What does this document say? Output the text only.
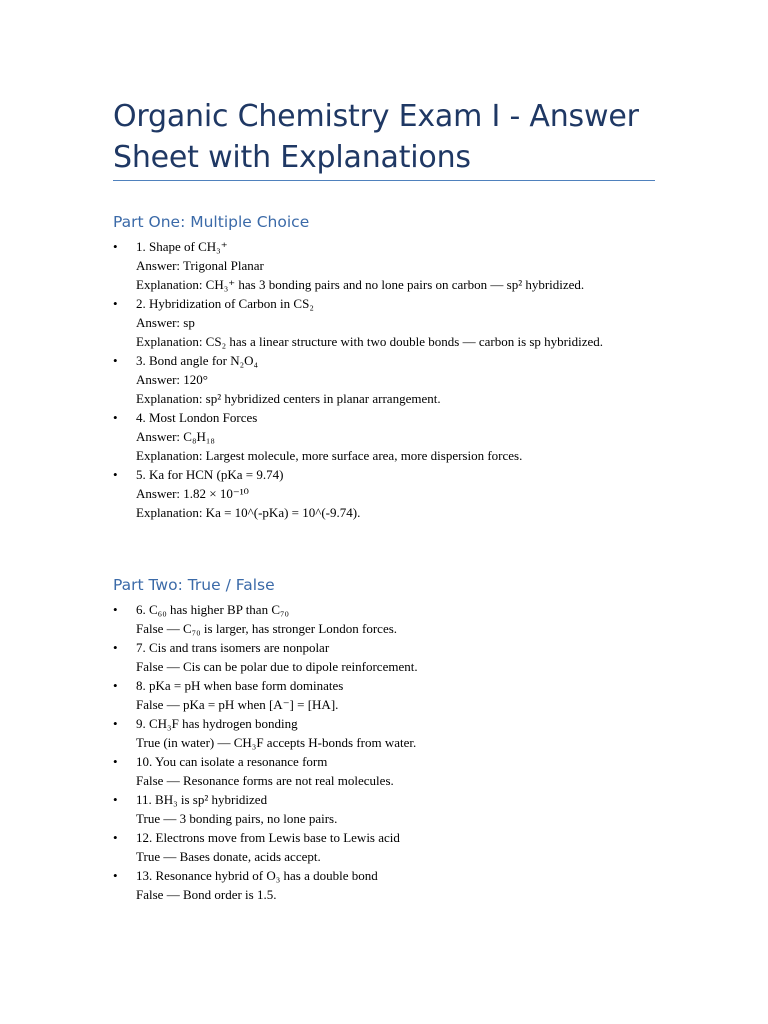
Organic Chemistry Exam I - Answer Sheet with Explanations
Part One: Multiple Choice
• 1. Shape of CH₃⁺
Answer: Trigonal Planar
Explanation: CH₃⁺ has 3 bonding pairs and no lone pairs on carbon — sp² hybridized.
• 2. Hybridization of Carbon in CS₂
Answer: sp
Explanation: CS₂ has a linear structure with two double bonds — carbon is sp hybridized.
• 3. Bond angle for N₂O₄
Answer: 120°
Explanation: sp² hybridized centers in planar arrangement.
• 4. Most London Forces
Answer: C₈H₁₈
Explanation: Largest molecule, more surface area, more dispersion forces.
• 5. Ka for HCN (pKa = 9.74)
Answer: 1.82 × 10⁻¹⁰
Explanation: Ka = 10^(-pKa) = 10^(-9.74).
Part Two: True / False
• 6. C₆₀ has higher BP than C₇₀
False — C₇₀ is larger, has stronger London forces.
• 7. Cis and trans isomers are nonpolar
False — Cis can be polar due to dipole reinforcement.
• 8. pKa = pH when base form dominates
False — pKa = pH when [A⁻] = [HA].
• 9. CH₃F has hydrogen bonding
True (in water) — CH₃F accepts H-bonds from water.
• 10. You can isolate a resonance form
False — Resonance forms are not real molecules.
• 11. BH₃ is sp² hybridized
True — 3 bonding pairs, no lone pairs.
• 12. Electrons move from Lewis base to Lewis acid
True — Bases donate, acids accept.
• 13. Resonance hybrid of O₃ has a double bond
False — Bond order is 1.5.
